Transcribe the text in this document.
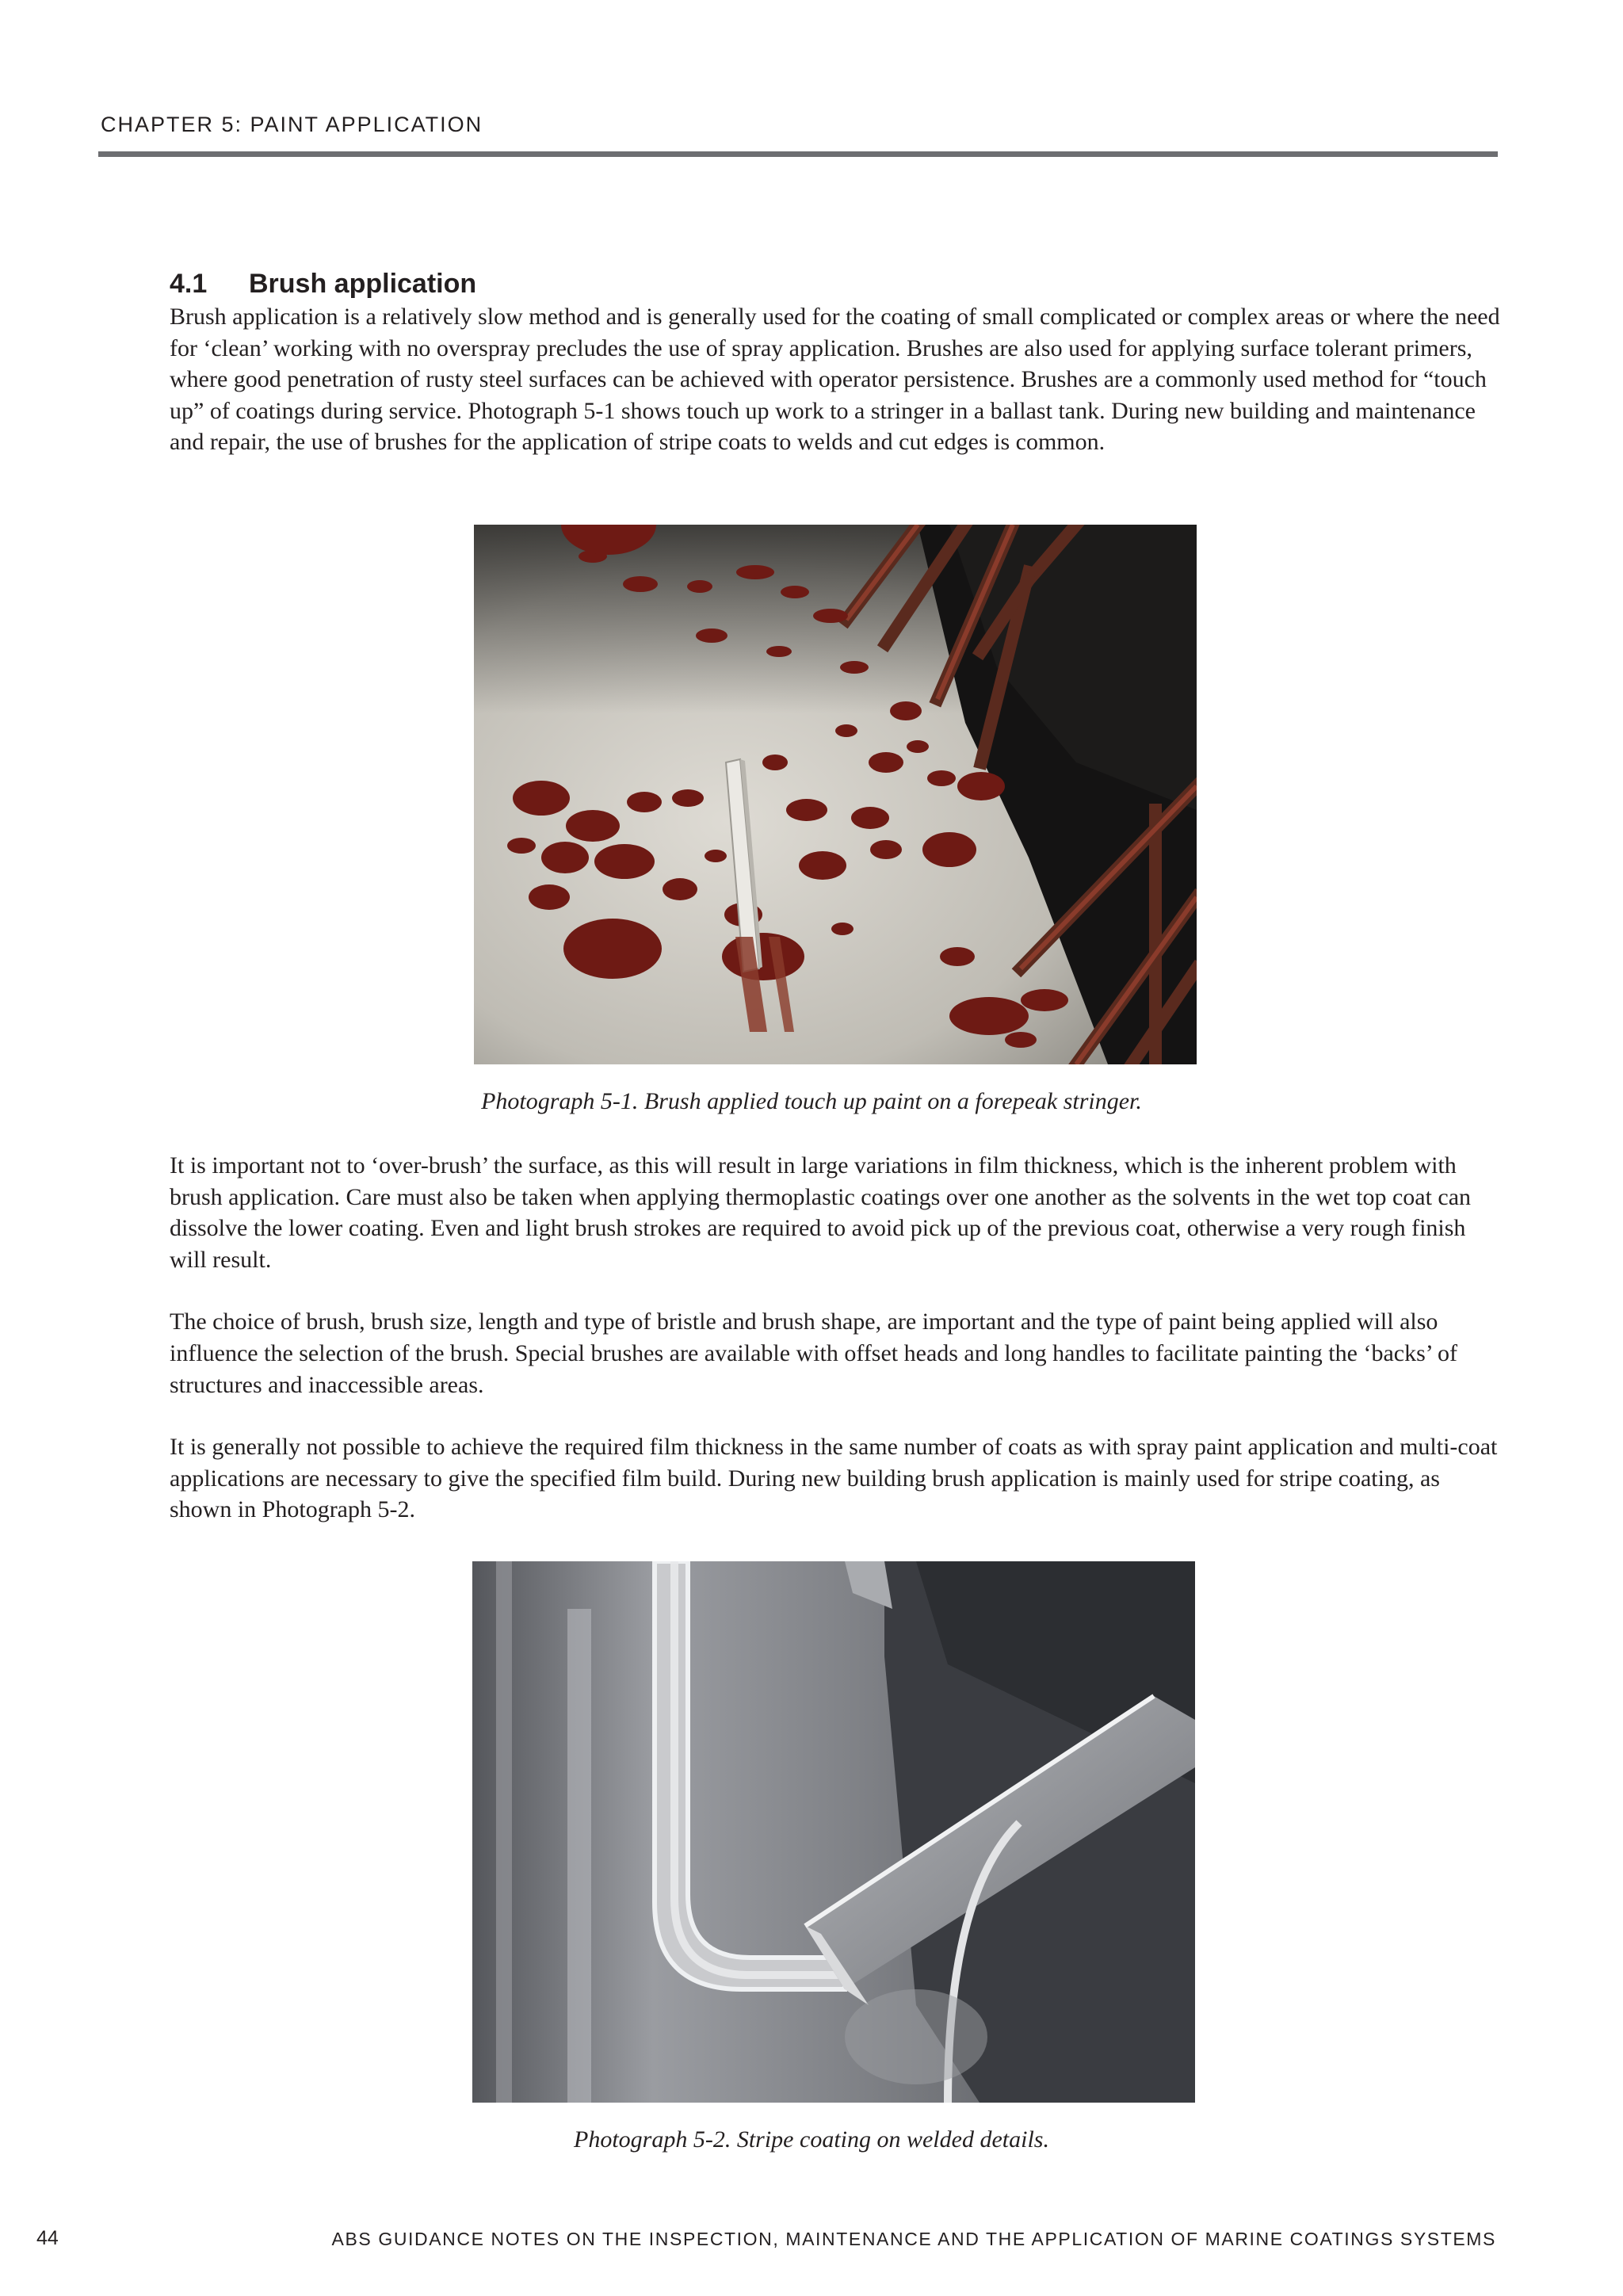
CHAPTER 5: PAINT APPLICATION
4.1 Brush application

Brush application is a relatively slow method and is generally used for the coating of small complicated or complex areas or where the need for ‘clean’ working with no overspray precludes the use of spray application. Brushes are also used for applying surface tolerant primers, where good penetration of rusty steel surfaces can be achieved with operator persistence. Brushes are a commonly used method for “touch up” of coatings during service. Photograph 5-1 shows touch up work to a stringer in a ballast tank. During new building and maintenance and repair, the use of brushes for the application of stripe coats to welds and cut edges is common.

Photograph 5-1. Brush applied touch up paint on a forepeak stringer.

It is important not to ‘over-brush’ the surface, as this will result in large variations in film thickness, which is the inherent problem with brush application. Care must also be taken when applying thermoplastic coatings over one another as the solvents in the wet top coat can dissolve the lower coating. Even and light brush strokes are required to avoid pick up of the previous coat, otherwise a very rough finish will result.

The choice of brush, brush size, length and type of bristle and brush shape, are important and the type of paint being applied will also influence the selection of the brush. Special brushes are available with offset heads and long handles to facilitate painting the ‘backs’ of structures and inaccessible areas.

It is generally not possible to achieve the required film thickness in the same number of coats as with spray paint application and multi-coat applications are necessary to give the specified film build. During new building brush application is mainly used for stripe coating, as shown in Photograph 5-2.

Photograph 5-2. Stripe coating on welded details.
44	ABS GUIDANCE NOTES ON THE INSPECTION, MAINTENANCE AND THE APPLICATION OF MARINE COATINGS SYSTEMS
